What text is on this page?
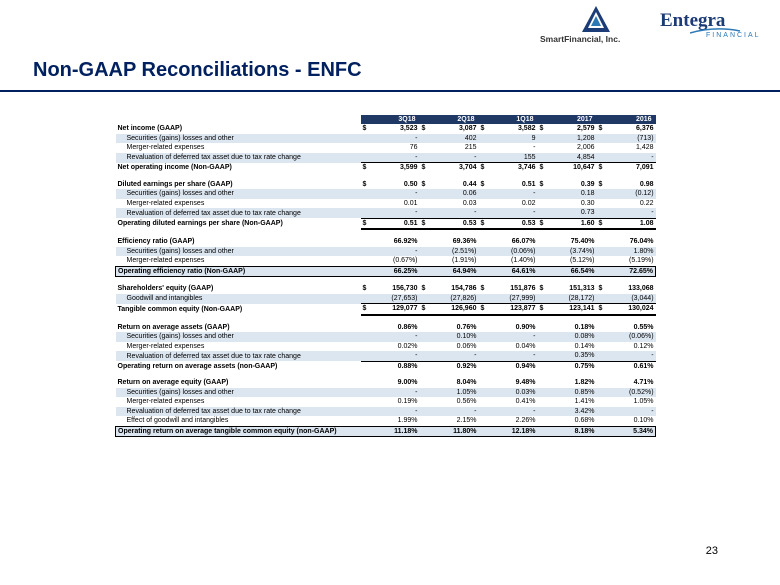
SmartFinancial, Inc.
Entegra
FINANCIAL
Non-GAAP Reconciliations - ENFC
	3Q18		2Q18		1Q18		2017		2016	
Net income (GAAP)	$	3,523	$	3,087	$	3,582	$	2,579	$	6,376
Securities (gains) losses and other		-		402		9		1,208		(713)
Merger-related expenses		76		215		-		2,006		1,428
Revaluation of deferred tax asset due to tax rate change		-		-		155		4,854		-
Net operating income (Non-GAAP)	$	3,599	$	3,704	$	3,746	$	10,647	$	7,091

Diluted earnings per share (GAAP)	$	0.50	$	0.44	$	0.51	$	0.39	$	0.98
Securities (gains) losses and other		-		0.06		-		0.18		(0.12)
Merger-related expenses		0.01		0.03		0.02		0.30		0.22
Revaluation of deferred tax asset due to tax rate change		-		-		-		0.73		-
Operating diluted earnings per share (Non-GAAP)	$	0.51	$	0.53	$	0.53	$	1.60	$	1.08

Efficiency ratio (GAAP)		66.92%		69.36%		66.07%		75.40%		76.04%
Securities (gains) losses and other		-		(2.51%)		(0.06%)		(3.74%)		1.80%
Merger-related expenses		(0.67%)		(1.91%)		(1.40%)		(5.12%)		(5.19%)
Operating efficiency ratio (Non-GAAP)		66.25%		64.94%		64.61%		66.54%		72.65%

Shareholders' equity (GAAP)	$	156,730	$	154,786	$	151,876	$	151,313	$	133,068
Goodwill and intangibles		(27,653)		(27,826)		(27,999)		(28,172)		(3,044)
Tangible common equity (Non-GAAP)	$	129,077	$	126,960	$	123,877	$	123,141	$	130,024

Return on average assets (GAAP)		0.86%		0.76%		0.90%		0.18%		0.55%
Securities (gains) losses and other		-		0.10%		-		0.08%		(0.06%)
Merger-related expenses		0.02%		0.06%		0.04%		0.14%		0.12%
Revaluation of deferred tax asset due to tax rate change		-		-		-		0.35%		-
Operating return on average assets (non-GAAP)		0.88%		0.92%		0.94%		0.75%		0.61%

Return on average equity (GAAP)		9.00%		8.04%		9.48%		1.82%		4.71%
Securities (gains) losses and other		-		1.05%		0.03%		0.85%		(0.52%)
Merger-related expenses		0.19%		0.56%		0.41%		1.41%		1.05%
Revaluation of deferred tax asset due to tax rate change		-		-		-		3.42%		-
Effect of goodwill and intangibles		1.99%		2.15%		2.26%		0.68%		0.10%
Operating return on average tangible common equity (non-GAAP)		11.18%		11.80%		12.18%		8.18%		5.34%
23
